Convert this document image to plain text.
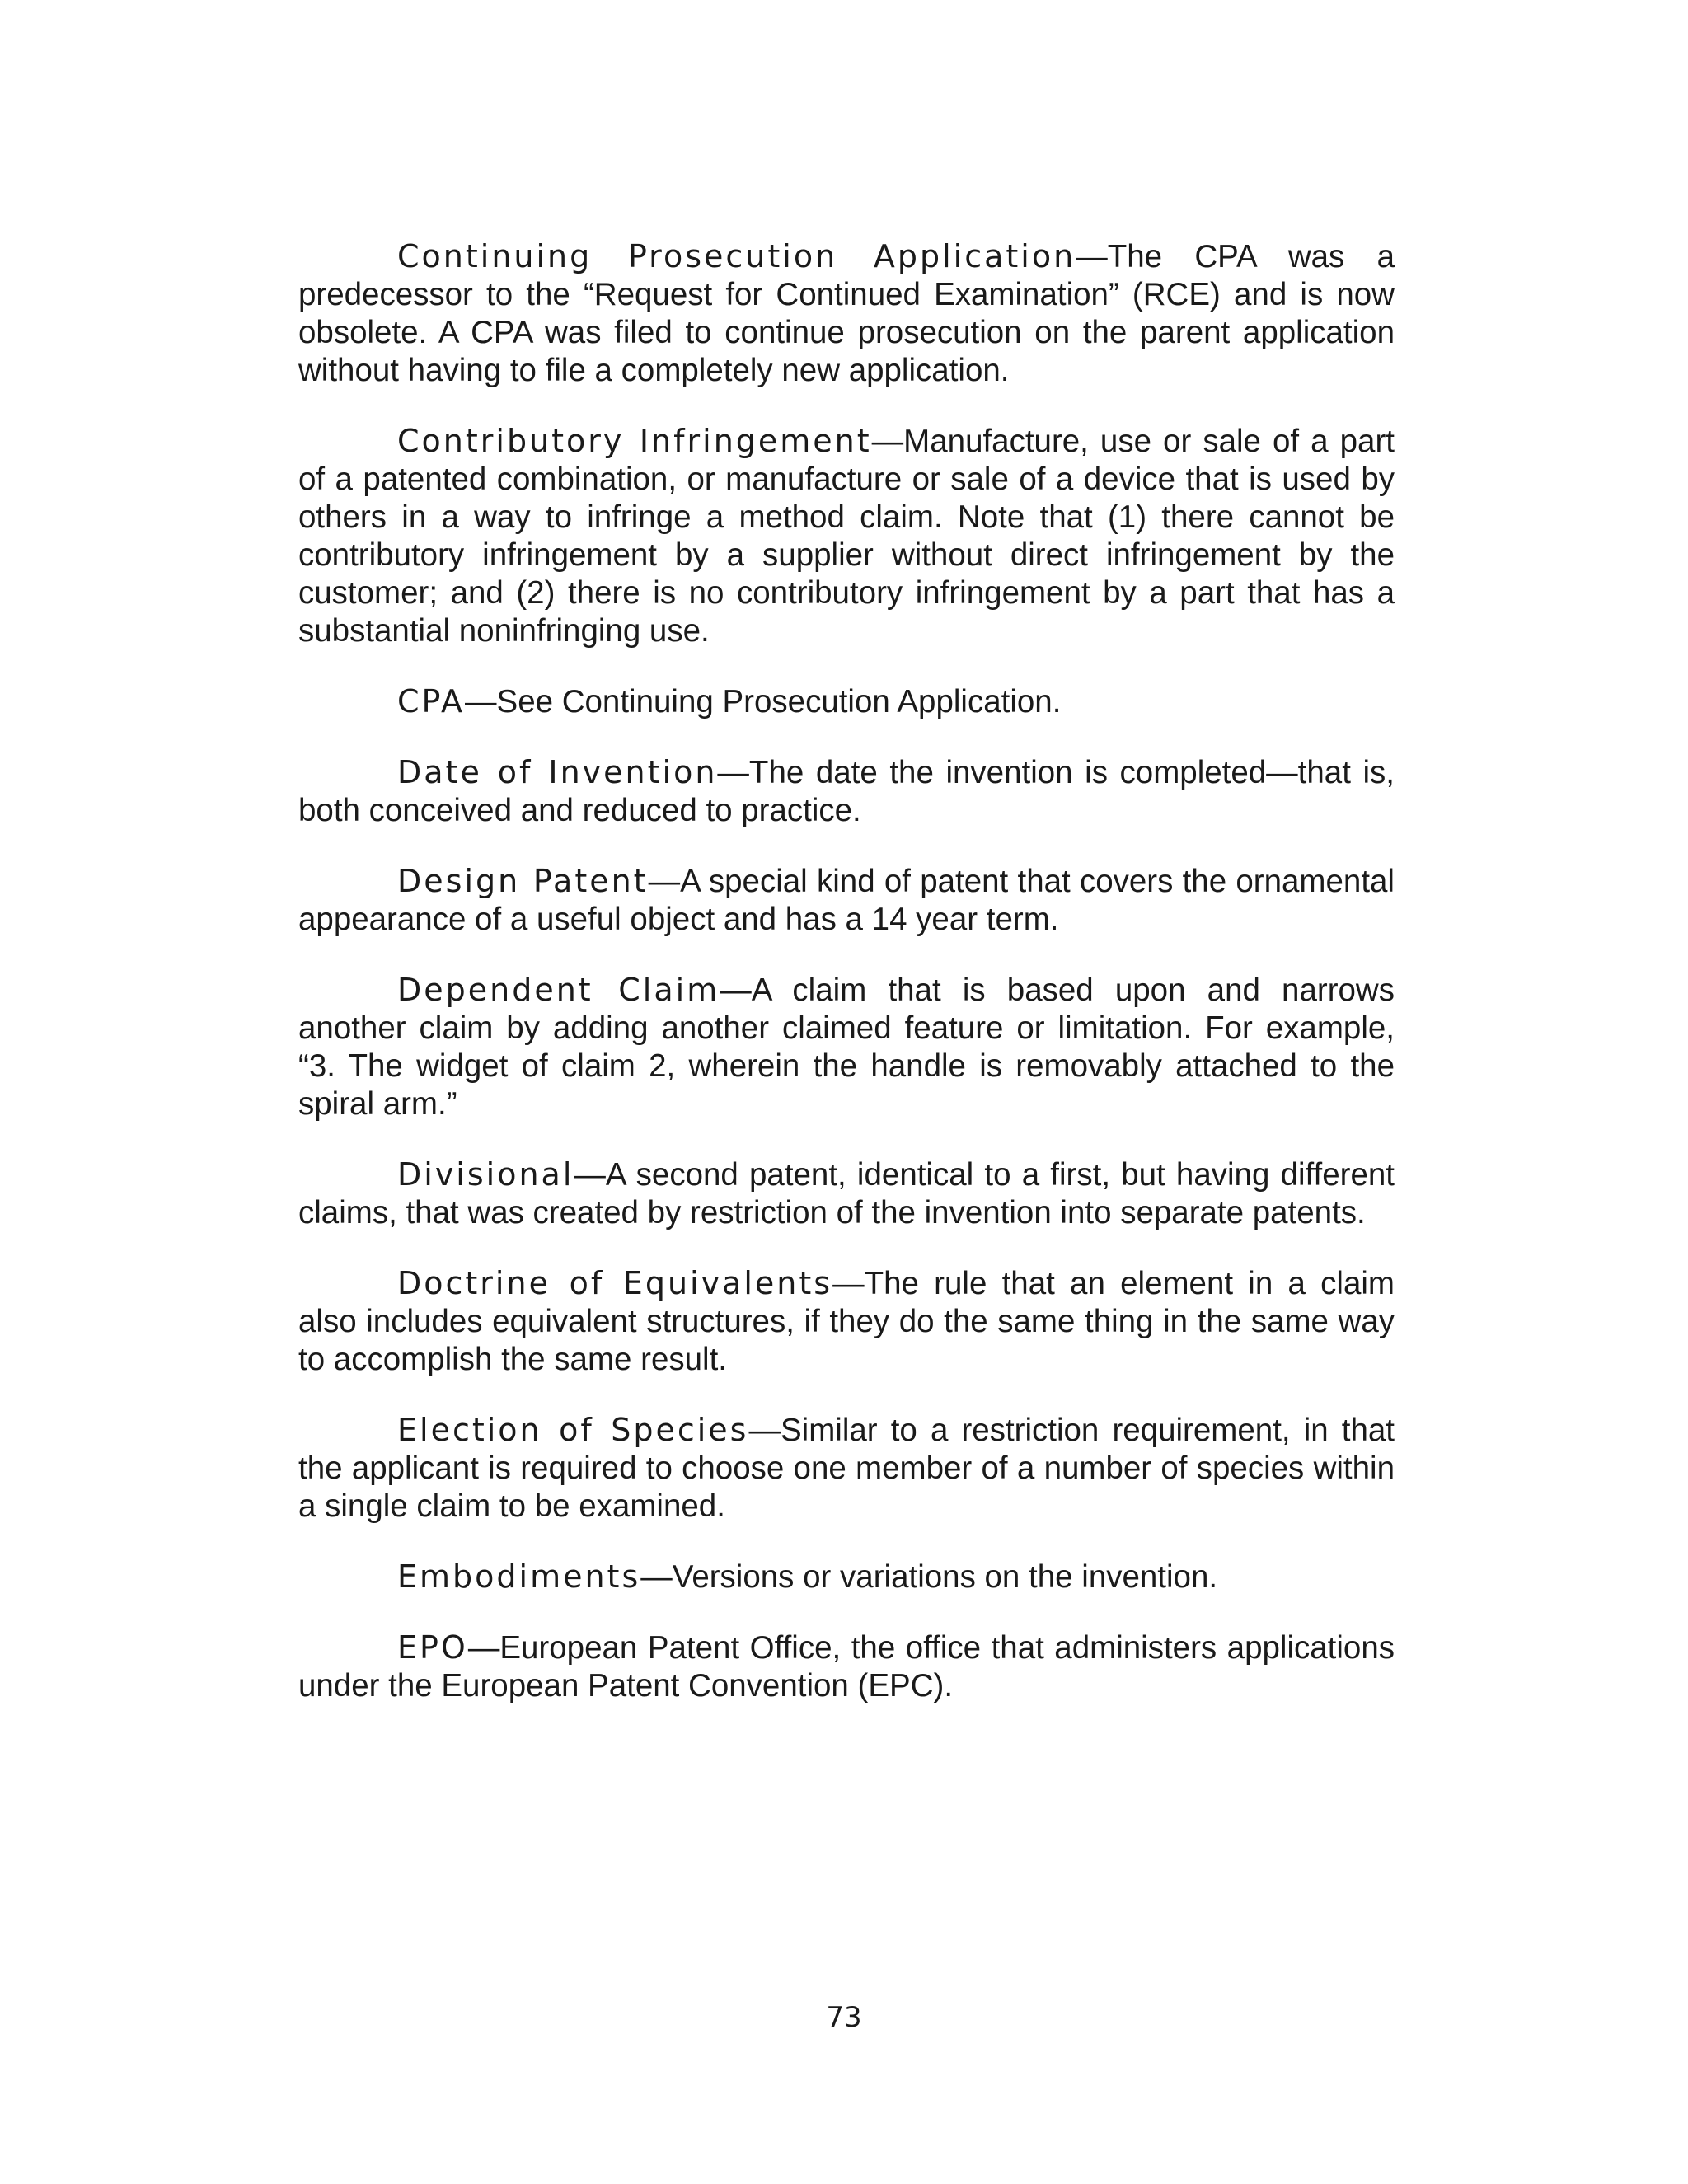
Continuing Prosecution Application—The CPA was a predecessor to the “Request for Continued Examination” (RCE) and is now obsolete. A CPA was filed to continue prosecution on the parent application without having to file a completely new application.

Contributory Infringement—Manufacture, use or sale of a part of a patented combination, or manufacture or sale of a device that is used by others in a way to infringe a method claim. Note that (1) there cannot be contributory infringement by a supplier without direct infringement by the customer; and (2) there is no contributory infringement by a part that has a substantial noninfringing use.

CPA—See Continuing Prosecution Application.

Date of Invention—The date the invention is completed—that is, both conceived and reduced to practice.

Design Patent—A special kind of patent that covers the ornamental appearance of a useful object and has a 14 year term.

Dependent Claim—A claim that is based upon and narrows another claim by adding another claimed feature or limitation. For example, “3. The widget of claim 2, wherein the handle is removably attached to the spiral arm.”

Divisional—A second patent, identical to a first, but having different claims, that was created by restriction of the invention into separate patents.

Doctrine of Equivalents—The rule that an element in a claim also includes equivalent structures, if they do the same thing in the same way to accomplish the same result.

Election of Species—Similar to a restriction requirement, in that the applicant is required to choose one member of a number of species within a single claim to be examined.

Embodiments—Versions or variations on the invention.

EPO—European Patent Office, the office that administers applications under the European Patent Convention (EPC).

73
